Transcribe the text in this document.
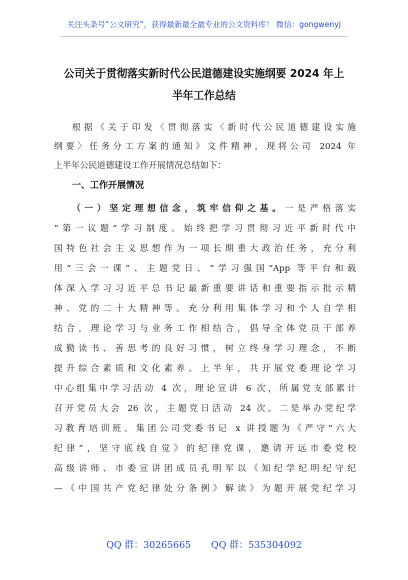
关注头条号“公文研究”，获得最新最全最专业的公文资料库！ 微信：gongwenyj
公司关于贯彻落实新时代公民道德建设实施纲要 2024 年上
半年工作总结
根据《关于印发〈贯彻落实〈新时代公民道德建设实施
纲要〉任务分工方案的通知》文件精神，现将公司 2024 年
上半年公民道德建设工作开展情况总结如下：
一、工作开展情况
（一）坚定理想信念，筑牢信仰之基。一是严格落实
“第一议题”学习制度。始终把学习贯彻习近平新时代中
国特色社会主义思想作为一项长期重大政治任务，充分利
用“三会一课”、主题党日、“学习强国”App 等平台和载
体深入学习习近平总书记最新重要讲话和重要指示批示精
神、党的二十大精神等。充分利用集体学习和个人自学相
结合，理论学习与业务工作相结合，倡导全体党员干部养
成勤读书、善思考的良好习惯，树立终身学习理念，不断
提升综合素质和文化素养。上半年，共开展党委理论学习
中心组集中学习活动 4 次，理论宣讲 6 次，所属党支部累计
召开党员大会 26 次，主题党日活动 24 次。二是举办党纪学
习教育培训班。集团公司党委书记 x 讲授题为《严守“六大
纪律”，坚守底线自觉》的纪律党课，邀请开远市委党校
高级讲师、市委宣讲团成员孔明军以《知纪学纪明纪守纪
—《中国共产党纪律处分条例》解读》为题开展党纪学习
QQ 群：30265665 QQ 群：535304092
